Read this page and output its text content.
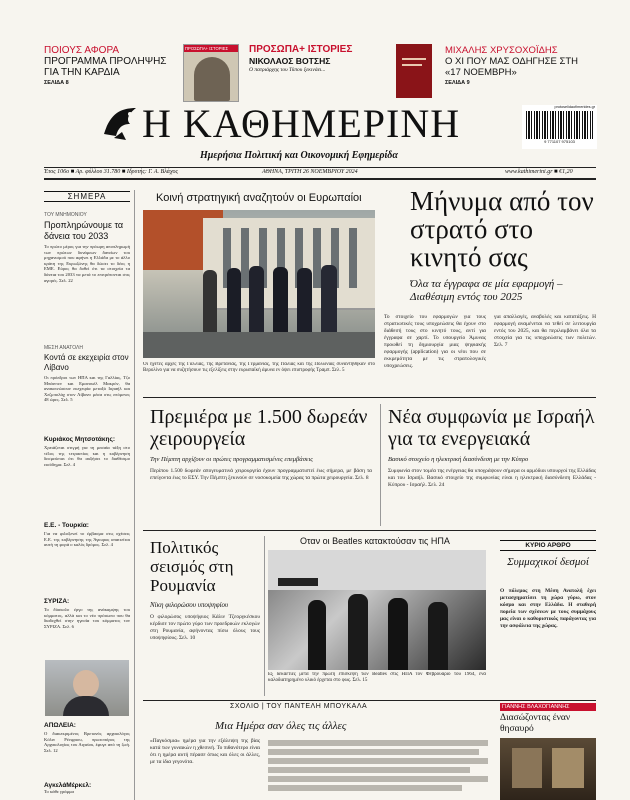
ΠΟΙΟΥΣ ΑΦΟΡΑ
ΠΡΟΓΡΑΜΜΑ ΠΡΟΛΗΨΗΣ ΓΙΑ ΤΗΝ ΚΑΡΔΙΑ
ΣΕΛΙΔΑ 8
ΠΡΟΣΩΠΑ+ ΙΣΤΟΡΙΕΣ	ΠΡΟΣΩΠΑ+ ΙΣΤΟΡΙΕΣ
ΝΙΚΟΛΑΟΣ ΒΟΤΣΗΣ
Ο πατριάρχης του Τύπου ξεκινάει...
ΜΙΧΑΛΗΣ ΧΡΥΣΟΧΟΪΔΗΣ
Ο ΧΙ ΠΟΥ ΜΑΣ ΟΔΗΓΗΣΕ ΣΤΗ «17 ΝΟΕΜΒΡΗ»
ΣΕΛΙΔΑ 9
Η ΚΑΘΗΜΕΡΙΝΗ
Ημερήσια Πολιτική και Οικονομική Εφημερίδα
protoselidaofimerides.gr
9 771107 975103
Έτος 106ο ■ Αρ. φύλλου 31.780 ■ Ιδρυτής: Γ. Α. Βλάχος	ΑΘΗΝΑ, ΤΡΙΤΗ 26 ΝΟΕΜΒΡΙΟΥ 2024	www.kathimerini.gr ■ €1,20
ΣΗΜΕΡΑ
ΤΟΥ ΜΝΗΜΟΝΙΟΥ
Προπληρώνουμε τα δάνεια του 2033
Το πρώτο μέρος για την πρόωρη αποπληρωμή των πρώτων δυνάμεων δανείων του μηχανισμού που αφήνει η Ελλάδα με το άλλο κράτη της Ευρωζώνης θα δώσει το δέος η ΕΜΕ. Εύρος θα δοθεί ότι τα στοιχεία τα δάνεια του 2033 να μετά το επιτρέπονται στις αγορές. Σελ. 22
ΜΕΣΗ ΑΝΑΤΟΛΗ
Κοντά σε εκεχειρία στον Λίβανο
Οι πρόεδροι των ΗΠΑ και της Γαλλίας, Τζο Μπάιντεν και Εμανουέλ Μακρόν, θα ανακοινώσουν εκεχειρία μεταξύ Ισραήλ και Χεζμπολάχ στον Λίβανο μέσα στις επόμενες 48 ώρες. Σελ. 5
Κυριάκος Μητσοτάκης:
Χρειάζεται στιγμή για τη μεσαία τάξη στο τέλος της τετραετίας και η κυβέρνηση δεσμεύεται ότι θα αυξήσει το διαθέσιμο εισόδημα. Σελ. 4
Ε.Ε. - Τουρκία:
Για να φιλοξενεί το έμβασμα στις σχέσεις Ε.Ε. της κυβέρνησης της Άγκυρας απαιτείται αυτή τη φορά ο καλός δρόμος. Σελ. 4
ΣΥΡΙΖΑ:
Το δύσκολο έργο της ανάκαμψης του κόμματος, αλλά και το νέο πρόσωπο που θα διαδεχθεί στην ηγεσία του κόμματος τον ΣΥΡΙΖΑ. Σελ. 6
ΑΠΩΛΕΙΑ:
Ο διακεκριμένος Βρετανός αρχαιολόγος Κόλιν Ρένφριου, πρωτοπόρος της Αρχαιολογίας του Αιγαίου, έφυγε από τη ζωή. Σελ. 12
ΑγκελάΜέρκελ:
Το κάθε γράμμα
Κοινή στρατηγική αναζητούν οι Ευρωπαίοι
Οι ηγέτες αρχές της Γαλλίας, της Βρετανίας, της Γερμανίας, της Ιταλίας και της Πολωνίας συναντήθηκαν στο Βερολίνο για να συζητήσουν τις εξελίξεις στην ευρωπαϊκή άμυνα εν όψει επιστροφής Τραμπ. Σελ. 5
Μήνυμα από τον στρατό στο κινητό σας
Όλα τα έγγραφα σε μία εφαρμογή – Διαθέσιμη εντός του 2025
Το στοιχείο του εφαρμογών για τους στρατιωτικές τους υποχρεώσεις θα έχουν στο διάθεσή τους στο κινητό τους, αντί για έγγραφα σε χαρτί. Το υπουργείο Άμυνας προωθεί τη δημιουργία μιας ψηφιακής εφαρμογής (application) για οι νέοι που σε εκκρεμότητα με τις στρατολογικές υποχρεώσεις.
για απαλλαγές, αναβολές και κατατάξεις. Η εφαρμογή αναμένεται να τεθεί σε λειτουργία εντός του 2025, και θα περιλαμβάνει όλα τα στοιχεία για τις υποχρεώσεις των πολιτών. Σελ. 7
Πρεμιέρα με 1.500 δωρεάν χειρουργεία
Την Πέμπτη αρχίζουν οι πρώτες προγραμματισμένες επεμβάσεις
Περίπου 1.500 δωρεάν απογευματινά χειρουργεία έχουν προγραμματιστεί έως σήμερα, με βάση τα επείγοντα έως το ΕΣΥ. Την Πέμπτη ξεκινούν σε νοσοκομεία της χώρας τα πρώτα χειρουργεία. Σελ. 8
Νέα συμφωνία με Ισραήλ για τα ενεργειακά
Βασικό στοιχείο η ηλεκτρική διασύνδεση με την Κύπρο
Συμφωνία στον τομέα της ενέργειας θα υπογράψουν σήμερα οι αρμόδιοι υπουργοί της Ελλάδας και του Ισραήλ. Βασικό στοιχείο της συμφωνίας είναι η ηλεκτρική διασύνδεση Ελλάδας - Κύπρου - Ισραήλ. Σελ. 24
Πολιτικός σεισμός στη Ρουμανία
Νίκη φιλορώσου υποψηφίου
Ο φιλορώσος υποψήφιος Κάλιν Τζεοργκέσκου κέρδισε τον πρώτο γύρο των προεδρικών εκλογών στη Ρουμανία, αφήνοντας πίσω όλους τους υποψηφίους. Σελ. 10
Οταν οι Beatles κατακτούσαν τις ΗΠΑ
Εξ δεκαετίες μετά την πρώτη επίσκεψη των Beatles στις ΗΠΑ τον Φεβρουάριο του 1964, ένα καλοδιατηρημένο υλικό έρχεται στο φως. Σελ. 15
ΚΥΡΙΟ ΑΡΘΡΟ
Συμμαχικοί δεσμοί
Ο πόλεμος στη Μέση Ανατολή έχει μετασχηματίσει τη χώρα γύρω, στον κόσμο και στην Ελλάδα. Η σταθερή πορεία των σχέσεων με τους συμμάχους μας είναι ο καθοριστικός παράγοντας για την ασφάλεια της χώρας.
ΣΧΟΛΙΟ | ΤΟΥ ΠΑΝΤΕΛΗ ΜΠΟΥΚΑΛΑ
Μια Ημέρα σαν όλες τις άλλες
«Παγκόσμια» ημέρα για την εξάλειψη της βίας κατά των γυναικών η χθεσινή. Το πιθανότερο είναι ότι η ημέρα αυτή πέρασε όπως και όλες οι άλλες, με τα ίδια γεγονότα.
ΓΙΑΝΝΗΣ ΒΛΑΧΟΓΙΑΝΝΗΣ
Διασώζοντας έναν θησαυρό
